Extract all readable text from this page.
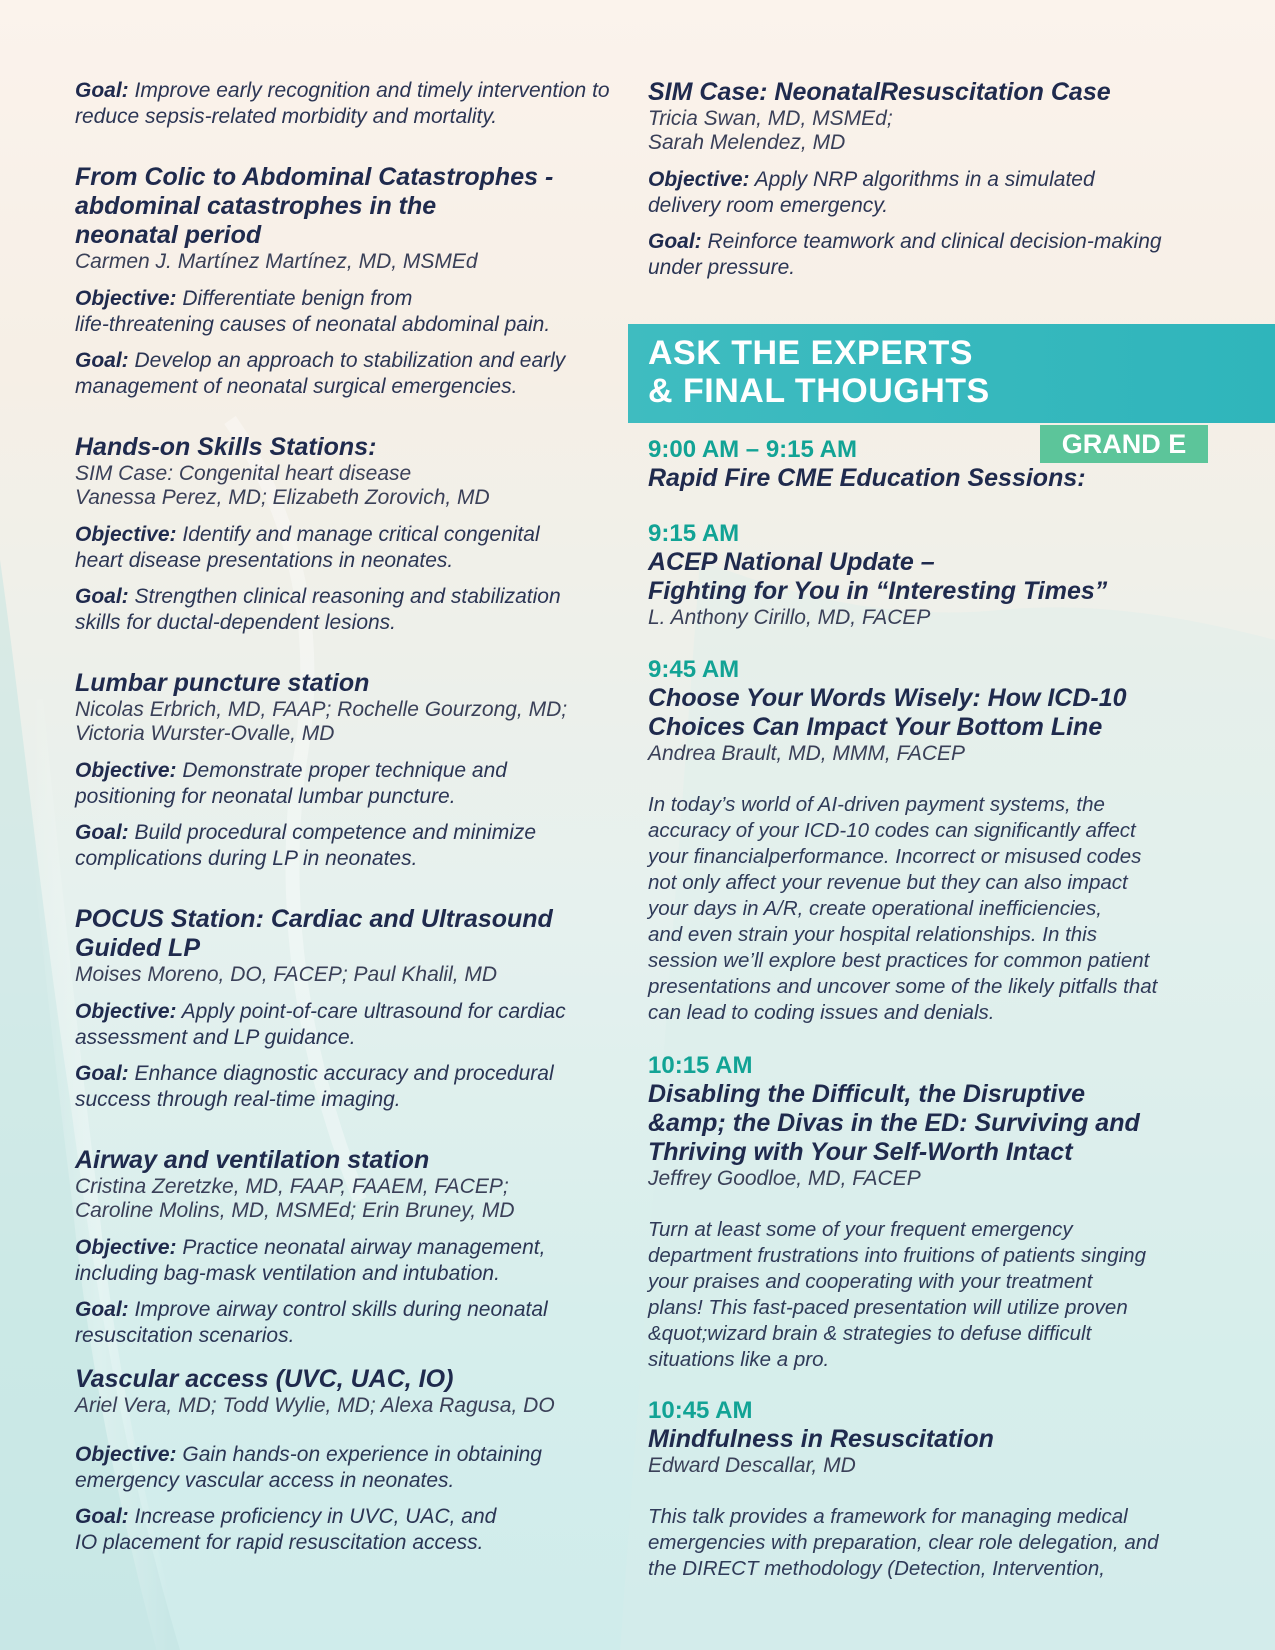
Goal: Improve early recognition and timely intervention to reduce sepsis-related morbidity and mortality.
From Colic to Abdominal Catastrophes -
abdominal catastrophes in the
neonatal period
Carmen J. Martínez Martínez, MD, MSMEd
Objective: Differentiate benign from
life-threatening causes of neonatal abdominal pain.
Goal: Develop an approach to stabilization and early
management of neonatal surgical emergencies.
Hands-on Skills Stations:
SIM Case: Congenital heart disease
Vanessa Perez, MD; Elizabeth Zorovich, MD
Objective: Identify and manage critical congenital
heart disease presentations in neonates.
Goal: Strengthen clinical reasoning and stabilization
skills for ductal-dependent lesions.
Lumbar puncture station
Nicolas Erbrich, MD, FAAP; Rochelle Gourzong, MD;
Victoria Wurster-Ovalle, MD
Objective: Demonstrate proper technique and
positioning for neonatal lumbar puncture.
Goal: Build procedural competence and minimize
complications during LP in neonates.
POCUS Station: Cardiac and Ultrasound
Guided LP
Moises Moreno, DO, FACEP; Paul Khalil, MD
Objective: Apply point-of-care ultrasound for cardiac
assessment and LP guidance.
Goal: Enhance diagnostic accuracy and procedural
success through real-time imaging.
Airway and ventilation station
Cristina Zeretzke, MD, FAAP, FAAEM, FACEP;
Caroline Molins, MD, MSMEd; Erin Bruney, MD
Objective: Practice neonatal airway management,
including bag-mask ventilation and intubation.
Goal: Improve airway control skills during neonatal
resuscitation scenarios.
Vascular access (UVC, UAC, IO)
Ariel Vera, MD; Todd Wylie, MD; Alexa Ragusa, DO
Objective: Gain hands-on experience in obtaining
emergency vascular access in neonates.
Goal: Increase proficiency in UVC, UAC, and
IO placement for rapid resuscitation access.
SIM Case: NeonatalResuscitation Case
Tricia Swan, MD, MSMEd;
Sarah Melendez, MD
Objective: Apply NRP algorithms in a simulated
delivery room emergency.
Goal: Reinforce teamwork and clinical decision-making
under pressure.
ASK THE EXPERTS
& FINAL THOUGHTS
GRAND E
9:00 AM – 9:15 AM
Rapid Fire CME Education Sessions:
9:15 AM
ACEP National Update –
Fighting for You in “Interesting Times”
L. Anthony Cirillo, MD, FACEP
9:45 AM
Choose Your Words Wisely: How ICD-10
Choices Can Impact Your Bottom Line
Andrea Brault, MD, MMM, FACEP
In today’s world of AI-driven payment systems, the
accuracy of your ICD-10 codes can significantly affect
your financialperformance. Incorrect or misused codes
not only affect your revenue but they can also impact
your days in A/R, create operational inefficiencies,
and even strain your hospital relationships. In this
session we’ll explore best practices for common patient
presentations and uncover some of the likely pitfalls that
can lead to coding issues and denials.
10:15 AM
Disabling the Difficult, the Disruptive
&amp; the Divas in the ED: Surviving and
Thriving with Your Self-Worth Intact
Jeffrey Goodloe, MD, FACEP
Turn at least some of your frequent emergency
department frustrations into fruitions of patients singing
your praises and cooperating with your treatment
plans! This fast-paced presentation will utilize proven
&quot;wizard brain & strategies to defuse difficult
situations like a pro.
10:45 AM
Mindfulness in Resuscitation
Edward Descallar, MD
This talk provides a framework for managing medical
emergencies with preparation, clear role delegation, and
the DIRECT methodology (Detection, Intervention,
